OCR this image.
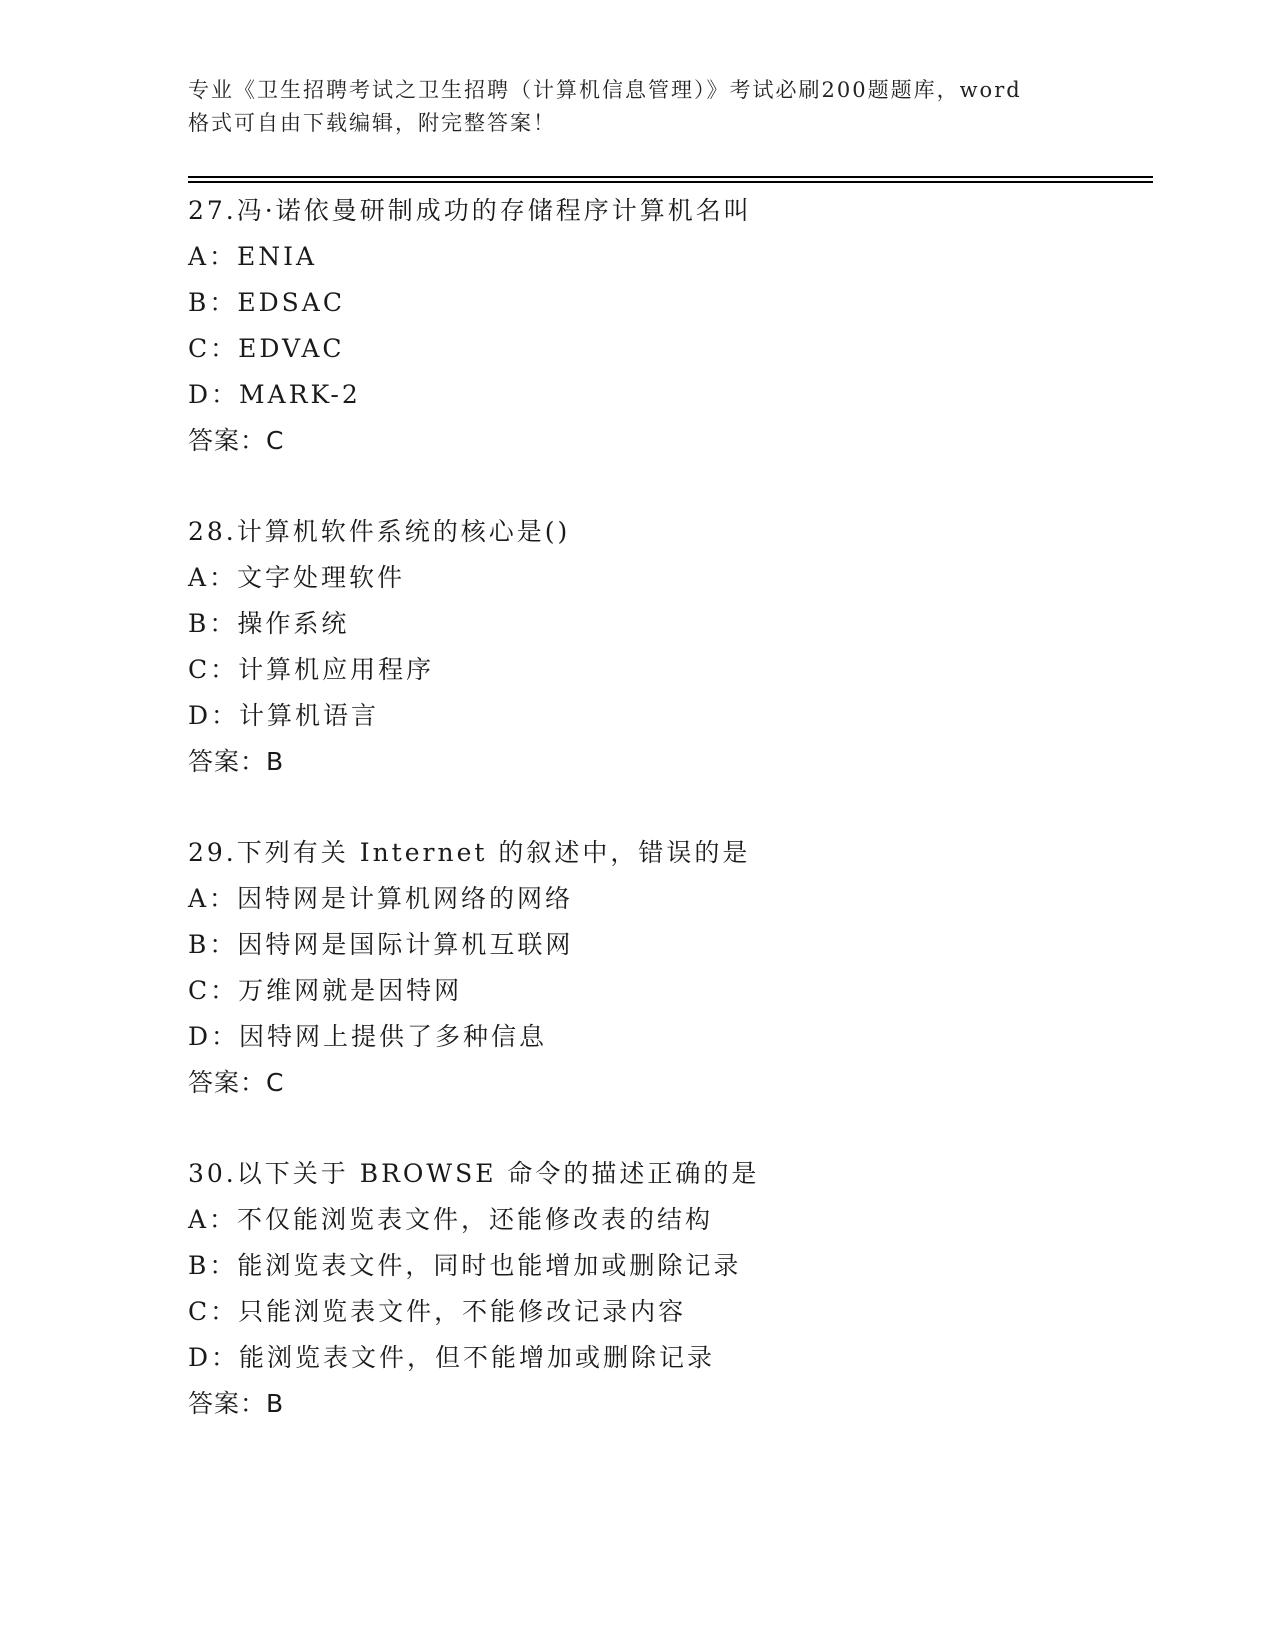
专业《卫生招聘考试之卫生招聘（计算机信息管理）》考试必刷200题题库，word
格式可自由下载编辑，附完整答案！
27.冯·诺依曼研制成功的存储程序计算机名叫
A：ENIA
B：EDSAC
C：EDVAC
D：MARK-2
答案：C
28.计算机软件系统的核心是()
A：文字处理软件
B：操作系统
C：计算机应用程序
D：计算机语言
答案：B
29.下列有关 Internet 的叙述中，错误的是
A：因特网是计算机网络的网络
B：因特网是国际计算机互联网
C：万维网就是因特网
D：因特网上提供了多种信息
答案：C
30.以下关于 BROWSE 命令的描述正确的是
A：不仅能浏览表文件，还能修改表的结构
B：能浏览表文件，同时也能增加或删除记录
C：只能浏览表文件，不能修改记录内容
D：能浏览表文件，但不能增加或删除记录
答案：B
